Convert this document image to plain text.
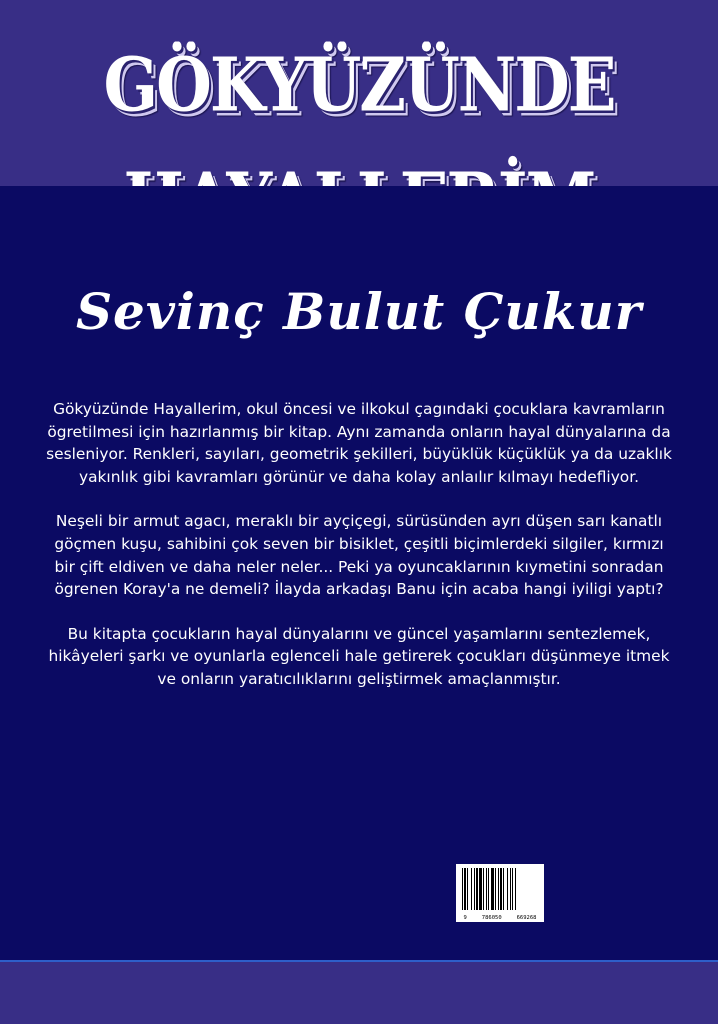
GÖKYÜZÜNDE
Sevinç Bulut Çukur

Gökyüzünde Hayallerim, okul öncesi ve ilkokul çagındaki çocuklara kavramların ögretilmesi için hazırlanmış bir kitap. Aynı zamanda onların hayal dünyalarına da sesleniyor. Renkleri, sayıları, geometrik şekilleri, büyüklük küçüklük ya da uzaklık yakınlık gibi kavramları görünür ve daha kolay anlaılır kılmayı hedefliyor.

Neşeli bir armut agacı, meraklı bir ayçiçegi, sürüsünden ayrı düşen sarı kanatlı göçmen kuşu, sahibini çok seven bir bisiklet, çeşitli biçimlerdeki silgiler, kırmızı bir çift eldiven ve daha neler neler... Peki ya oyuncaklarının kıymetini sonradan ögrenen Koray'a ne demeli? İlayda arkadaşı Banu için acaba hangi iyiligi yaptı?

Bu kitapta çocukların hayal dünyalarını ve güncel yaşamlarını sentezlemek, hikâyeleri şarkı ve oyunlarla eglenceli hale getirerek çocukları düşünmeye itmek ve onların yaratıcılıklarını geliştirmek amaçlanmıştır.

9	786050	669268
